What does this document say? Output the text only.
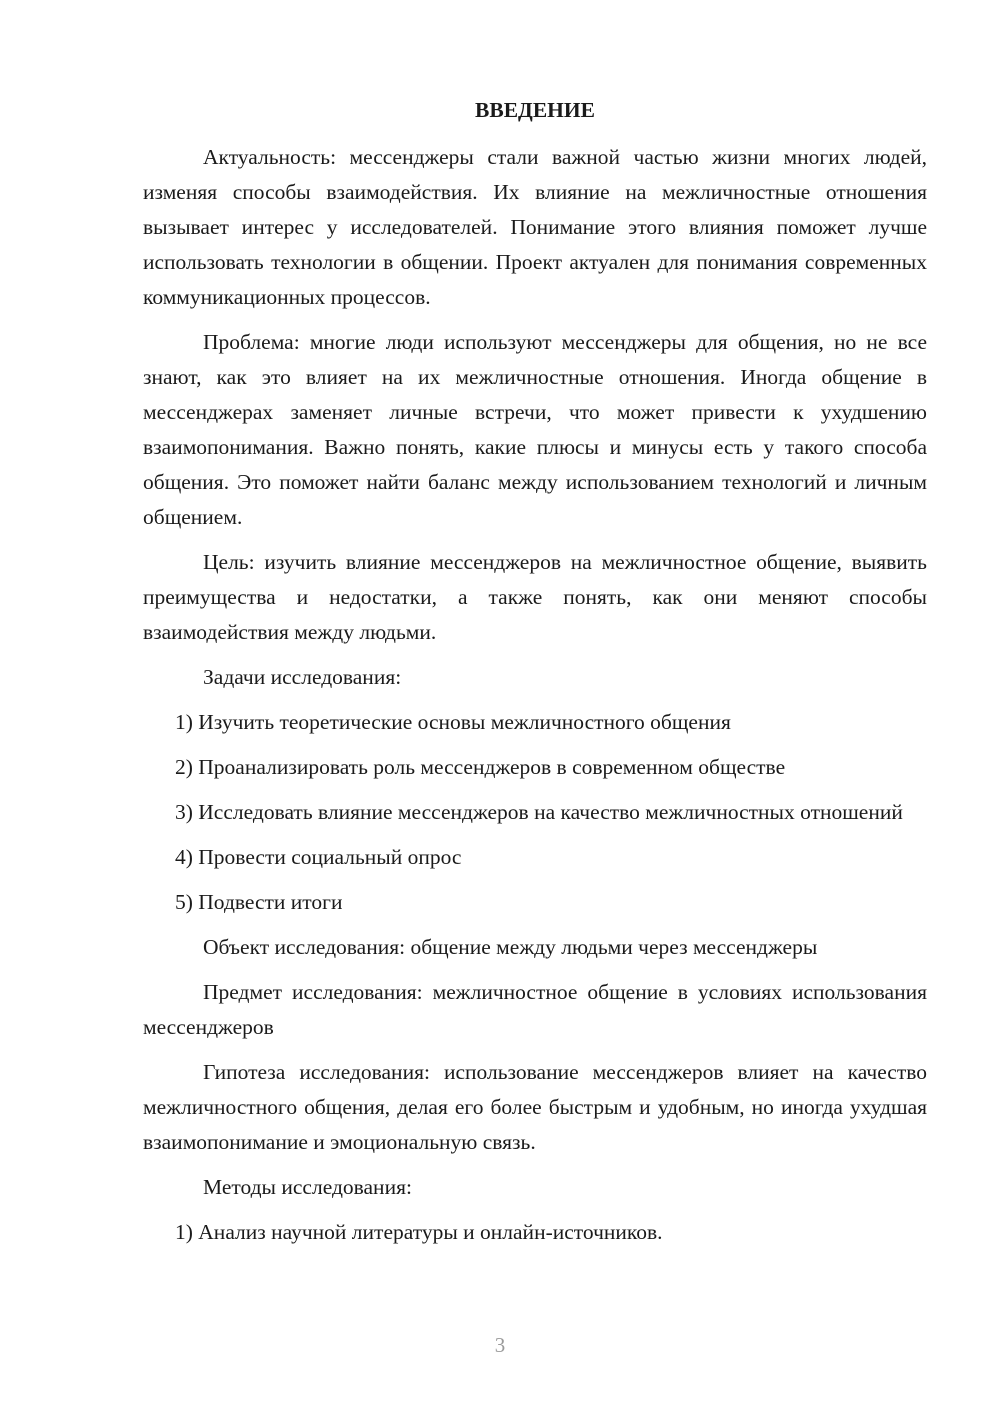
ВВЕДЕНИЕ

Актуальность: мессенджеры стали важной частью жизни многих людей, изменяя способы взаимодействия. Их влияние на межличностные отношения вызывает интерес у исследователей. Понимание этого влияния поможет лучше использовать технологии в общении. Проект актуален для понимания современных коммуникационных процессов.

Проблема: многие люди используют мессенджеры для общения, но не все знают, как это влияет на их межличностные отношения. Иногда общение в мессенджерах заменяет личные встречи, что может привести к ухудшению взаимопонимания. Важно понять, какие плюсы и минусы есть у такого способа общения. Это поможет найти баланс между использованием технологий и личным общением.

Цель: изучить влияние мессенджеров на межличностное общение, выявить преимущества и недостатки, а также понять, как они меняют способы взаимодействия между людьми.

Задачи исследования:

1) Изучить теоретические основы межличностного общения

2) Проанализировать роль мессенджеров в современном обществе

3) Исследовать влияние мессенджеров на качество межличностных отношений

4) Провести социальный опрос

5) Подвести итоги

Объект исследования: общение между людьми через мессенджеры

Предмет исследования: межличностное общение в условиях использования мессенджеров

Гипотеза исследования: использование мессенджеров влияет на качество межличностного общения, делая его более быстрым и удобным, но иногда ухудшая взаимопонимание и эмоциональную связь.

Методы исследования:

1) Анализ научной литературы и онлайн-источников.

3
